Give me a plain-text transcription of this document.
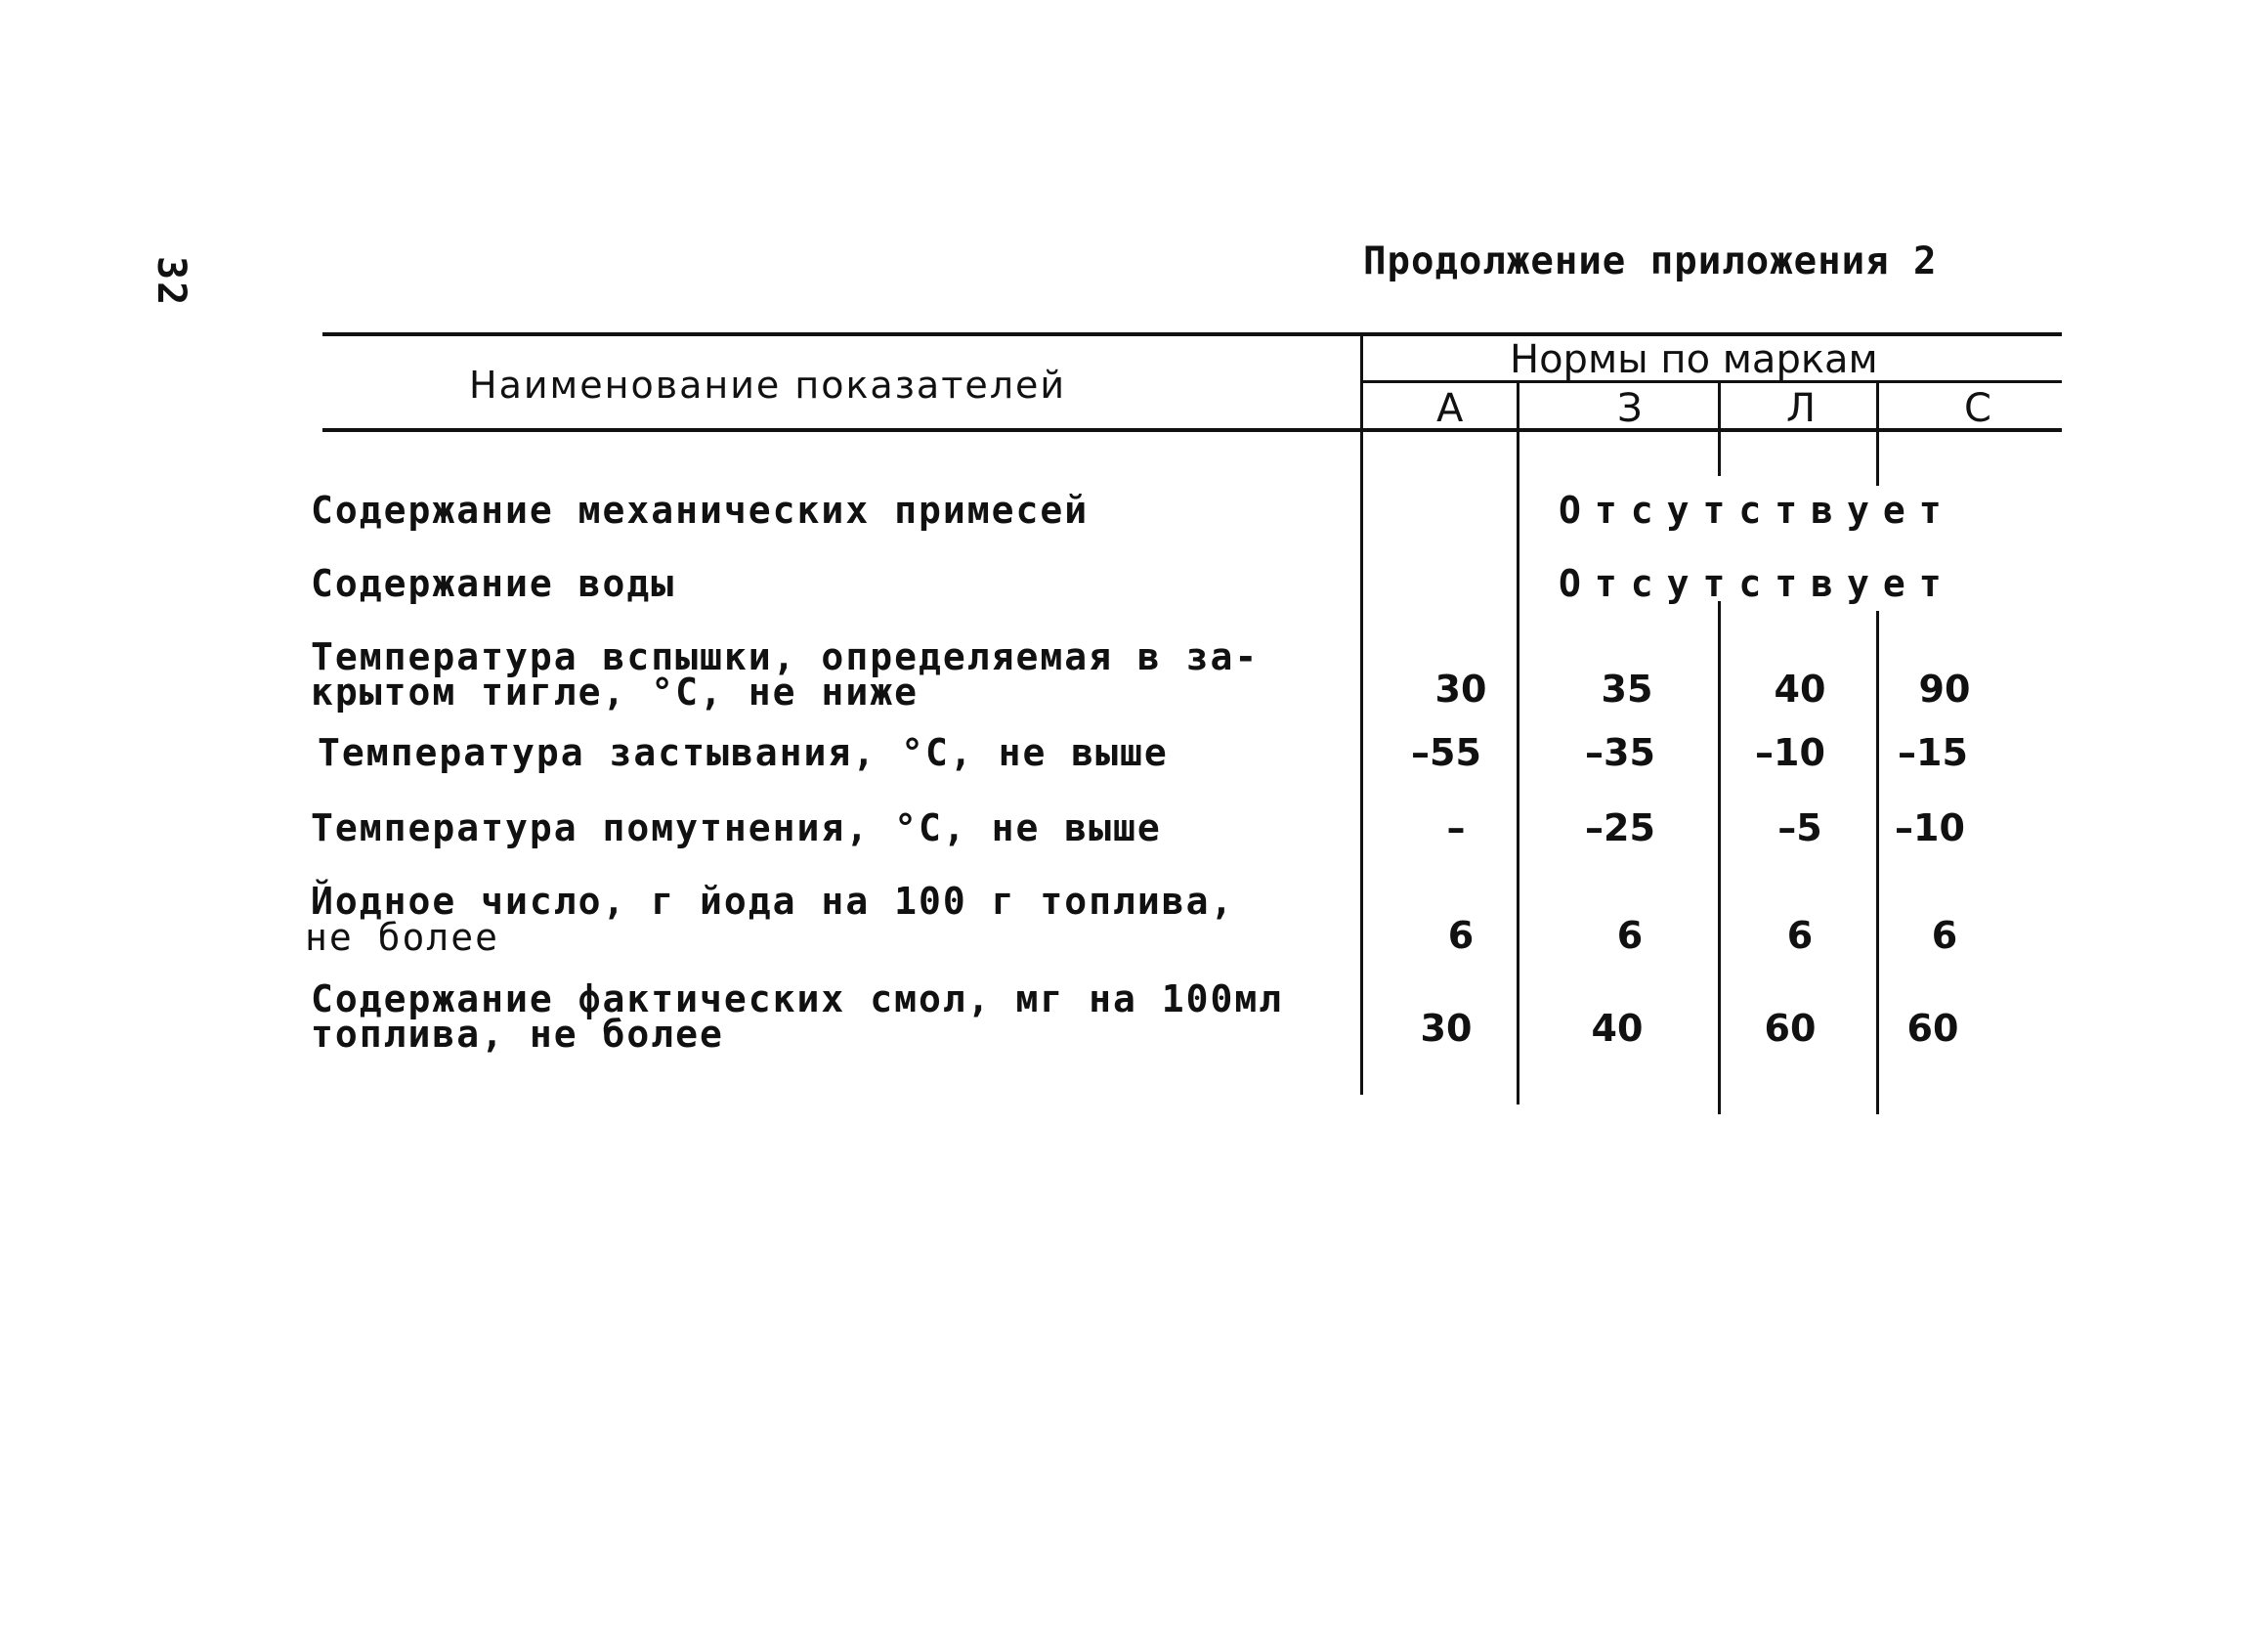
32	Продолжение приложения 2
Наименование показателей
Нормы по маркам
А	З	Л	С
Содержание механических примесей	Отсутствует
Содержание воды	Отсутствует
Температура вспышки, определяемая в за-
крытом тигле, °С, не ниже	30	35	40	90
Температура застывания, °С, не выше	–55	–35	–10	–15
Температура помутнения, °С, не выше	–	–25	–5	–10
Йодное число, г йода на 100 г топлива,
не более	6	6	6	6
Содержание фактических смол, мг на 100мл
топлива, не более	30	40	60	60
